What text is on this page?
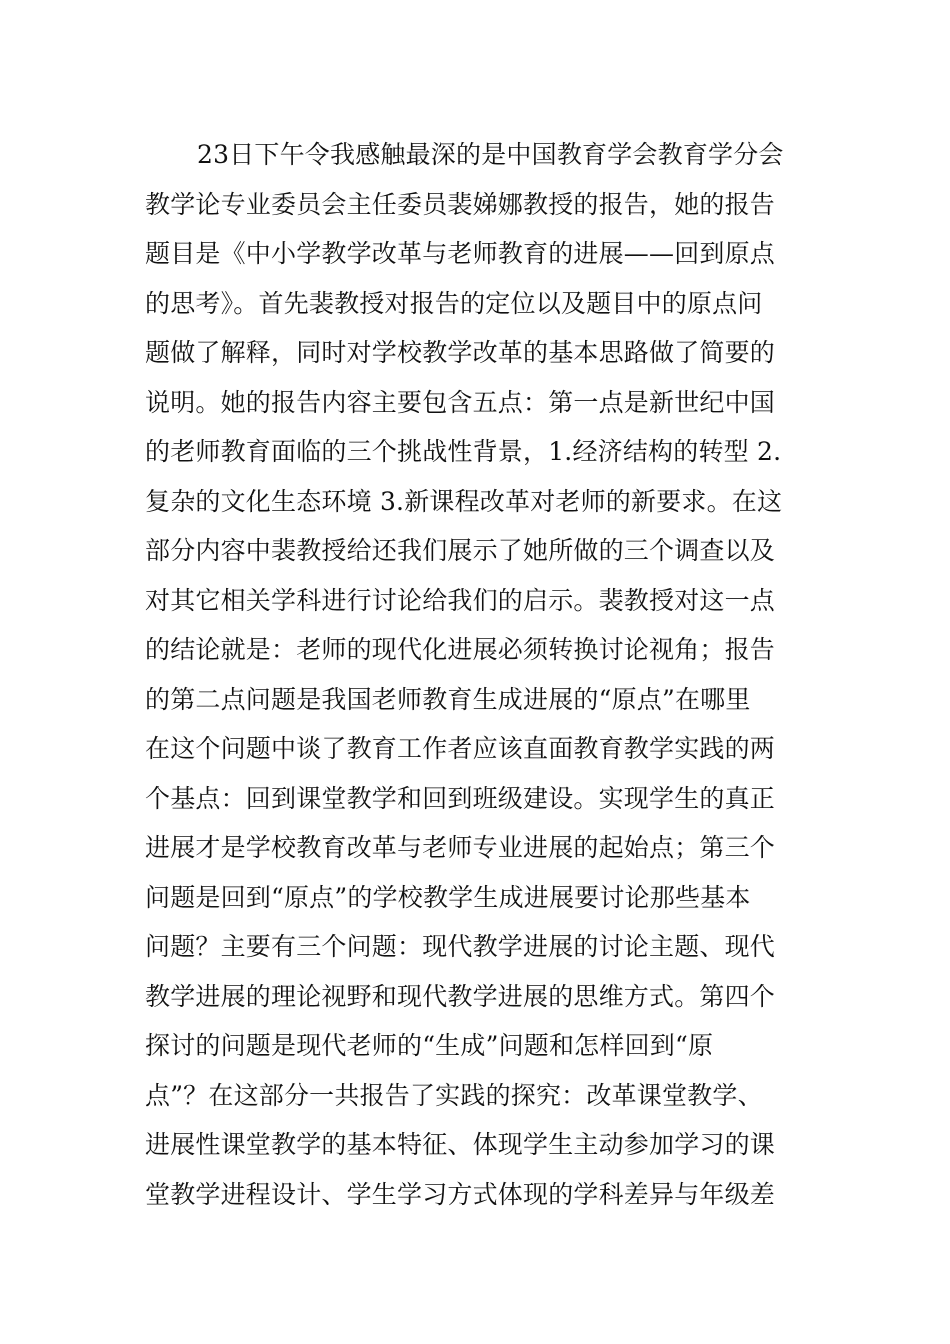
23日下午令我感触最深的是中国教育学会教育学分会
教学论专业委员会主任委员裴娣娜教授的报告，她的报告
题目是《中小学教学改革与老师教育的进展——回到原点
的思考》。首先裴教授对报告的定位以及题目中的原点问
题做了解释，同时对学校教学改革的基本思路做了简要的
说明。她的报告内容主要包含五点：第一点是新世纪中国
的老师教育面临的三个挑战性背景，1.经济结构的转型 2.
复杂的文化生态环境 3.新课程改革对老师的新要求。在这
部分内容中裴教授给还我们展示了她所做的三个调查以及
对其它相关学科进行讨论给我们的启示。裴教授对这一点
的结论就是：老师的现代化进展必须转换讨论视角；报告
的第二点问题是我国老师教育生成进展的“原点”在哪里
在这个问题中谈了教育工作者应该直面教育教学实践的两
个基点：回到课堂教学和回到班级建设。实现学生的真正
进展才是学校教育改革与老师专业进展的起始点；第三个
问题是回到“原点”的学校教学生成进展要讨论那些基本
问题？主要有三个问题：现代教学进展的讨论主题、现代
教学进展的理论视野和现代教学进展的思维方式。第四个
探讨的问题是现代老师的“生成”问题和怎样回到“原
点”？在这部分一共报告了实践的探究：改革课堂教学、
进展性课堂教学的基本特征、体现学生主动参加学习的课
堂教学进程设计、学生学习方式体现的学科差异与年级差
